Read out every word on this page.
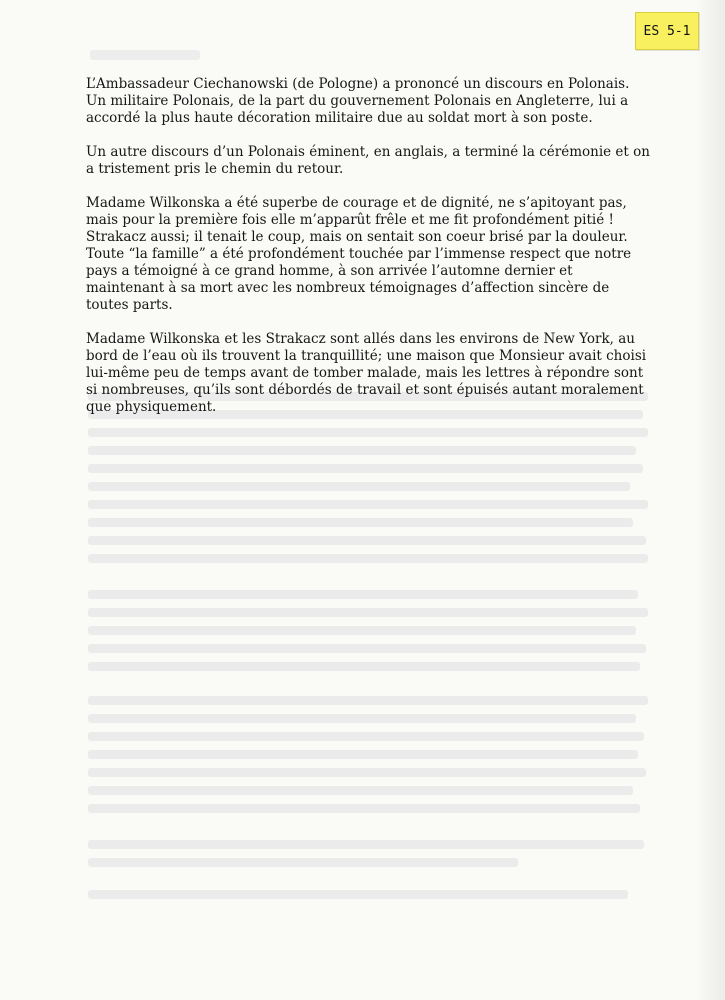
ES 5-1

L’Ambassadeur Ciechanowski (de Pologne) a prononcé un discours en Polonais. Un militaire Polonais, de la part du gouvernement Polonais en Angleterre, lui a accordé la plus haute décoration militaire due au soldat mort à son poste.

Un autre discours d’un Polonais éminent, en anglais, a terminé la cérémonie et on a tristement pris le chemin du retour.

Madame Wilkonska a été superbe de courage et de dignité, ne s’apitoyant pas, mais pour la première fois elle m’apparût frêle et me fit profondément pitié ! Strakacz aussi; il tenait le coup, mais on sentait son coeur brisé par la douleur. Toute “la famille” a été profondément touchée par l’immense respect que notre pays a témoigné à ce grand homme, à son arrivée l’automne dernier et maintenant à sa mort avec les nombreux témoignages d’affection sincère de toutes parts.

Madame Wilkonska et les Strakacz sont allés dans les environs de New York, au bord de l’eau où ils trouvent la tranquillité; une maison que Monsieur avait choisi lui-même peu de temps avant de tomber malade, mais les lettres à répondre sont si nombreuses, qu’ils sont débordés de travail et sont épuisés autant moralement que physiquement.
